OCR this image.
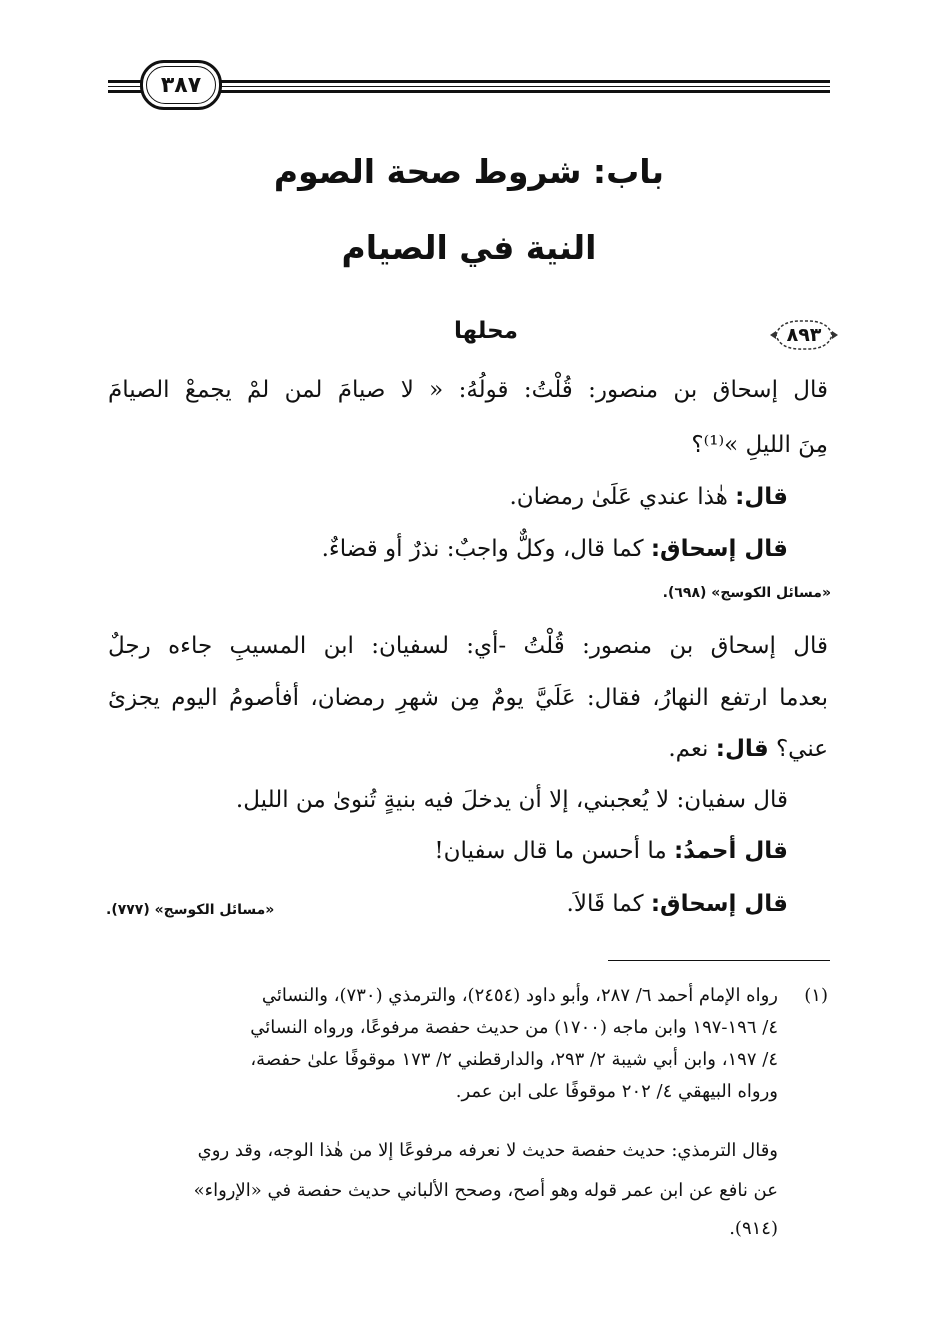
٣٨٧
باب: شروط صحة الصوم
النية في الصيام
٨٩٣
محلها
قال إسحاق بن منصور: قُلْتُ: قولُهُ: « لا صيامَ لمن لمْ يجمعْ الصيامَ
مِنَ الليلِ »⁽¹⁾؟
قال: هٰذا عندي عَلَىٰ رمضان.
قال إسحاق: كما قال، وكلٌّ واجبٌ: نذرٌ أو قضاءٌ.
«مسائل الكوسج» (٦٩٨).
قال إسحاق بن منصور: قُلْتُ -أي: لسفيان: ابن المسيبِ جاءه رجلٌ
بعدما ارتفع النهارُ، فقال: عَلَيَّ يومٌ مِن شهرِ رمضان، أفأصومُ اليوم يجزئ
عني؟ قال: نعم.
قال سفيان: لا يُعجبني، إلا أن يدخلَ فيه بنيةٍ تُنوىٰ من الليل.
قال أحمدُ: ما أحسن ما قال سفيان!
قال إسحاق: كما قَالاَ.
«مسائل الكوسج» (٧٧٧).
(١)
رواه الإمام أحمد ٦/ ٢٨٧، وأبو داود (٢٤٥٤)، والترمذي (٧٣٠)، والنسائي
٤/ ١٩٦-١٩٧ وابن ماجه (١٧٠٠) من حديث حفصة مرفوعًا، ورواه النسائي
٤/ ١٩٧، وابن أبي شيبة ٢/ ٢٩٣، والدارقطني ٢/ ١٧٣ موقوفًا علىٰ حفصة،
ورواه البيهقي ٤/ ٢٠٢ موقوفًا على ابن عمر.
وقال الترمذي: حديث حفصة حديث لا نعرفه مرفوعًا إلا من هٰذا الوجه، وقد روي
عن نافع عن ابن عمر قوله وهو أصح، وصحح الألباني حديث حفصة في «الإرواء»
(٩١٤).
